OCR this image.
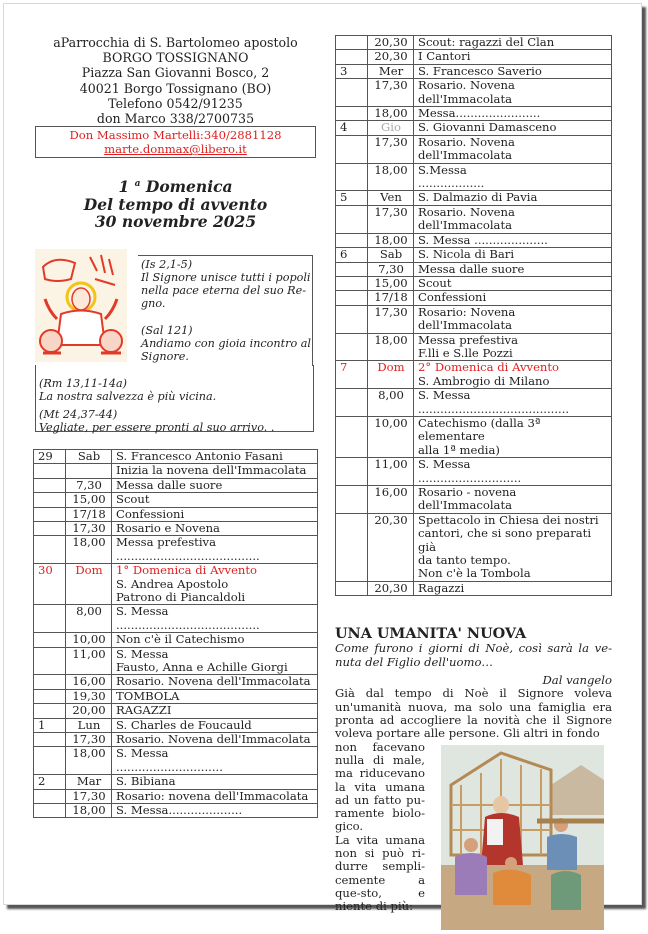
aParrocchia di S. Bartolomeo apostolo
BORGO TOSSIGNANO
Piazza San Giovanni Bosco, 2
40021 Borgo Tossignano (BO)
Telefono 0542/91235
don Marco 338/2700735
Don Massimo Martelli:340/2881128
marte.donmax@libero.it
1 $^a$ Domenica
Del tempo di avvento
30 novembre 2025
(Is 2,1-5)
Il Signore unisce tutti i popoli nella pace eterna del suo Re-gno.
(Sal 121)
Andiamo con gioia incontro al Signore.
(Rm 13,11-14a)
La nostra salvezza è più vicina.
(Mt 24,37-44)
Vegliate, per essere pronti al suo arrivo. .
29	Sab	S. Francesco Antonio Fasani

		Inizia la novena dell'Immacolata

	7,30	Messa dalle suore

	15,00	Scout

	17/18	Confessioni

	17,30	Rosario e Novena

	18,00	Messa prefestiva
.......................................

30	Dom	1° Domenica di Avvento
S. Andrea Apostolo
Patrono di Piancaldoli

	8,00	S. Messa
.......................................

	10,00	Non c'è il Catechismo

	11,00	S. Messa
Fausto, Anna e Achille Giorgi

	16,00	Rosario. Novena dell'Immacolata

	19,30	TOMBOLA

	20,00	RAGAZZI

1	Lun	S. Charles de Foucauld

	17,30	Rosario. Novena dell'Immacolata

	18,00	S. Messa
.............................

2	Mar	S. Bibiana

	17,30	Rosario: novena dell'Immacolata

	18,00	S. Messa....................
	20,30	Scout: ragazzi del Clan

	20,30	I Cantori

3	Mer	S. Francesco Saverio

	17,30	Rosario. Novena dell'Immacolata

	18,00	Messa.......................

4	Gio	S. Giovanni Damasceno

	17,30	Rosario. Novena dell'Immacolata

	18,00	S.Messa
..................

5	Ven	S. Dalmazio di Pavia

	17,30	Rosario. Novena dell'Immacolata

	18,00	S. Messa ....................

6	Sab	S. Nicola di Bari

	7,30	Messa dalle suore

	15,00	Scout

	17/18	Confessioni

	17,30	Rosario: Novena dell'Immacolata

	18,00	Messa prefestiva
F.lli e S.lle Pozzi

7	Dom	2° Domenica di Avvento
S. Ambrogio di Milano

	8,00	S. Messa
.........................................

	10,00	Catechismo (dalla 3ª elementare
alla 1ª media)

	11,00	S. Messa
............................

	16,00	Rosario - novena dell'Immacolata

	20,30	Spettacolo in Chiesa dei nostri
cantori, che si sono preparati già
da tanto tempo.
Non c'è la Tombola

	20,30	Ragazzi
UNA UMANITA' NUOVA
Come furono i giorni di Noè, così sarà la ve-nuta del Figlio dell'uomo…
Dal vangelo
Già dal tempo di Noè il Signore voleva un'umanità nuova, ma solo una famiglia era pronta ad accogliere la novità che il Signore voleva portare alle persone. Gli altri in fondo

non facevano nulla di male, ma riducevano la vita umana ad un fatto pu-ramente biolo-gico.

La vita umana non si può ri-durre sempli-cemente a que-sto, e niente di più:
